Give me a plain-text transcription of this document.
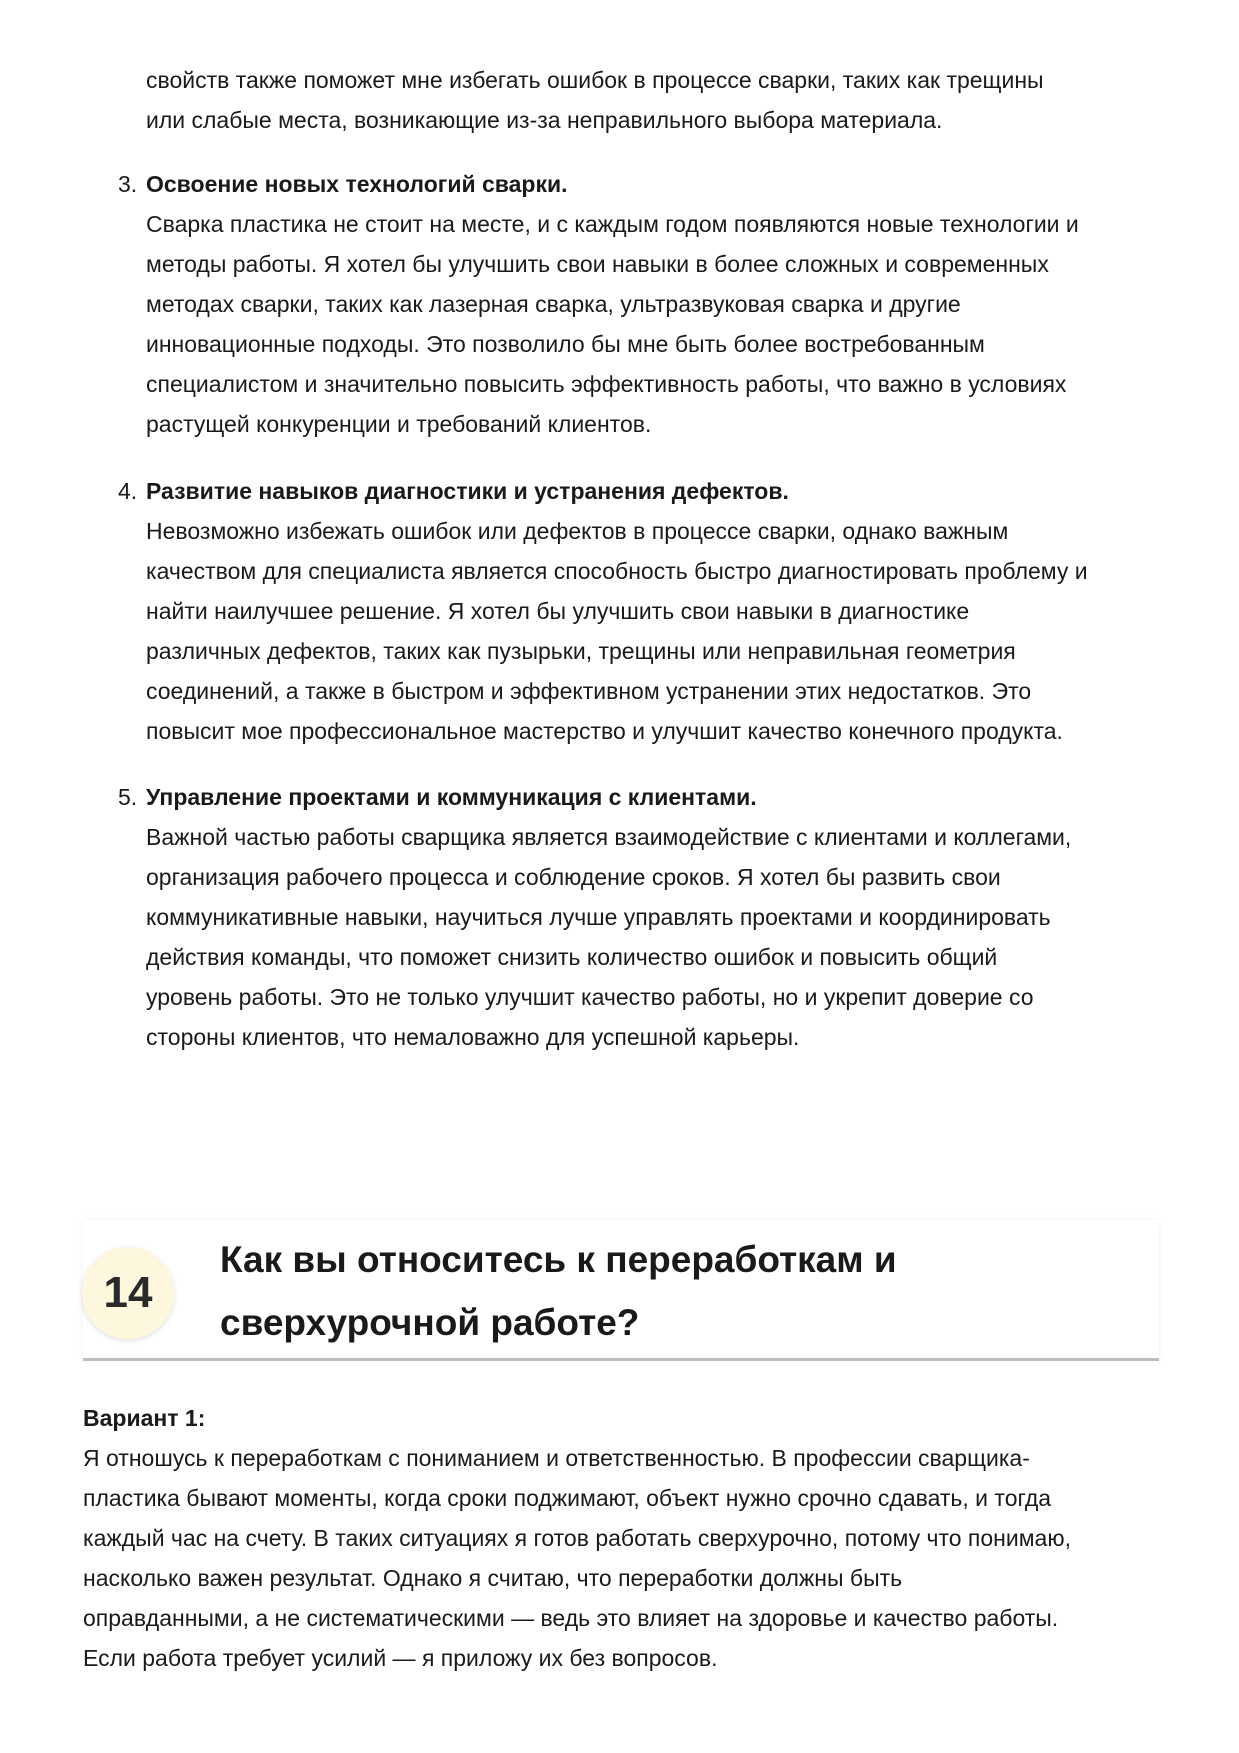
свойств также поможет мне избегать ошибок в процессе сварки, таких как трещины
или слабые места, возникающие из-за неправильного выбора материала.
3. Освоение новых технологий сварки.
Сварка пластика не стоит на месте, и с каждым годом появляются новые технологии и
методы работы. Я хотел бы улучшить свои навыки в более сложных и современных
методах сварки, таких как лазерная сварка, ультразвуковая сварка и другие
инновационные подходы. Это позволило бы мне быть более востребованным
специалистом и значительно повысить эффективность работы, что важно в условиях
растущей конкуренции и требований клиентов.
4. Развитие навыков диагностики и устранения дефектов.
Невозможно избежать ошибок или дефектов в процессе сварки, однако важным
качеством для специалиста является способность быстро диагностировать проблему и
найти наилучшее решение. Я хотел бы улучшить свои навыки в диагностике
различных дефектов, таких как пузырьки, трещины или неправильная геометрия
соединений, а также в быстром и эффективном устранении этих недостатков. Это
повысит мое профессиональное мастерство и улучшит качество конечного продукта.
5. Управление проектами и коммуникация с клиентами.
Важной частью работы сварщика является взаимодействие с клиентами и коллегами,
организация рабочего процесса и соблюдение сроков. Я хотел бы развить свои
коммуникативные навыки, научиться лучше управлять проектами и координировать
действия команды, что поможет снизить количество ошибок и повысить общий
уровень работы. Это не только улучшит качество работы, но и укрепит доверие со
стороны клиентов, что немаловажно для успешной карьеры.
14
Как вы относитесь к переработкам и
сверхурочной работе?

Вариант 1:

Я отношусь к переработкам с пониманием и ответственностью. В профессии сварщика-
пластика бывают моменты, когда сроки поджимают, объект нужно срочно сдавать, и тогда
каждый час на счету. В таких ситуациях я готов работать сверхурочно, потому что понимаю,
насколько важен результат. Однако я считаю, что переработки должны быть
оправданными, а не систематическими — ведь это влияет на здоровье и качество работы.
Если работа требует усилий — я приложу их без вопросов.
